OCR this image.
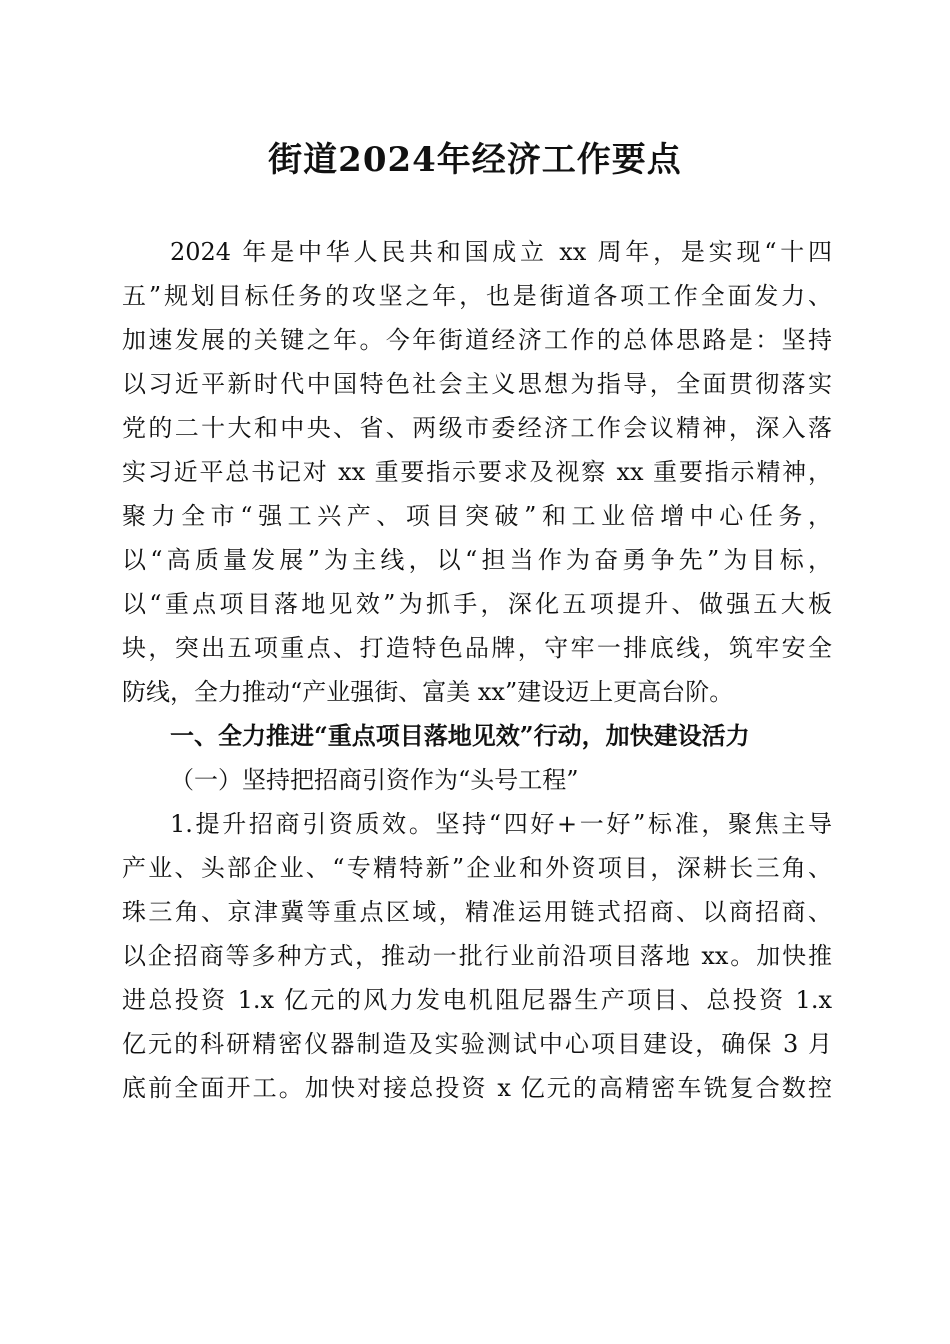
街道2024年经济工作要点
2024 年是中华人民共和国成立 xx 周年，是实现“十四
五”规划目标任务的攻坚之年，也是街道各项工作全面发力、
加速发展的关键之年。今年街道经济工作的总体思路是：坚持
以习近平新时代中国特色社会主义思想为指导，全面贯彻落实
党的二十大和中央、省、两级市委经济工作会议精神，深入落
实习近平总书记对 xx 重要指示要求及视察 xx 重要指示精神，
聚力全市“强工兴产、项目突破”和工业倍增中心任务，
以“高质量发展”为主线，以“担当作为奋勇争先”为目标，
以“重点项目落地见效”为抓手，深化五项提升、做强五大板
块，突出五项重点、打造特色品牌，守牢一排底线，筑牢安全
防线，全力推动“产业强街、富美 xx”建设迈上更高台阶。
一、全力推进“重点项目落地见效”行动，加快建设活力
（一）坚持把招商引资作为“头号工程”
1.提升招商引资质效。坚持“四好+一好”标准，聚焦主导
产业、头部企业、“专精特新”企业和外资项目，深耕长三角、
珠三角、京津冀等重点区域，精准运用链式招商、以商招商、
以企招商等多种方式，推动一批行业前沿项目落地 xx。加快推
进总投资 1.x 亿元的风力发电机阻尼器生产项目、总投资 1.x
亿元的科研精密仪器制造及实验测试中心项目建设，确保 3 月
底前全面开工。加快对接总投资 x 亿元的高精密车铣复合数控
